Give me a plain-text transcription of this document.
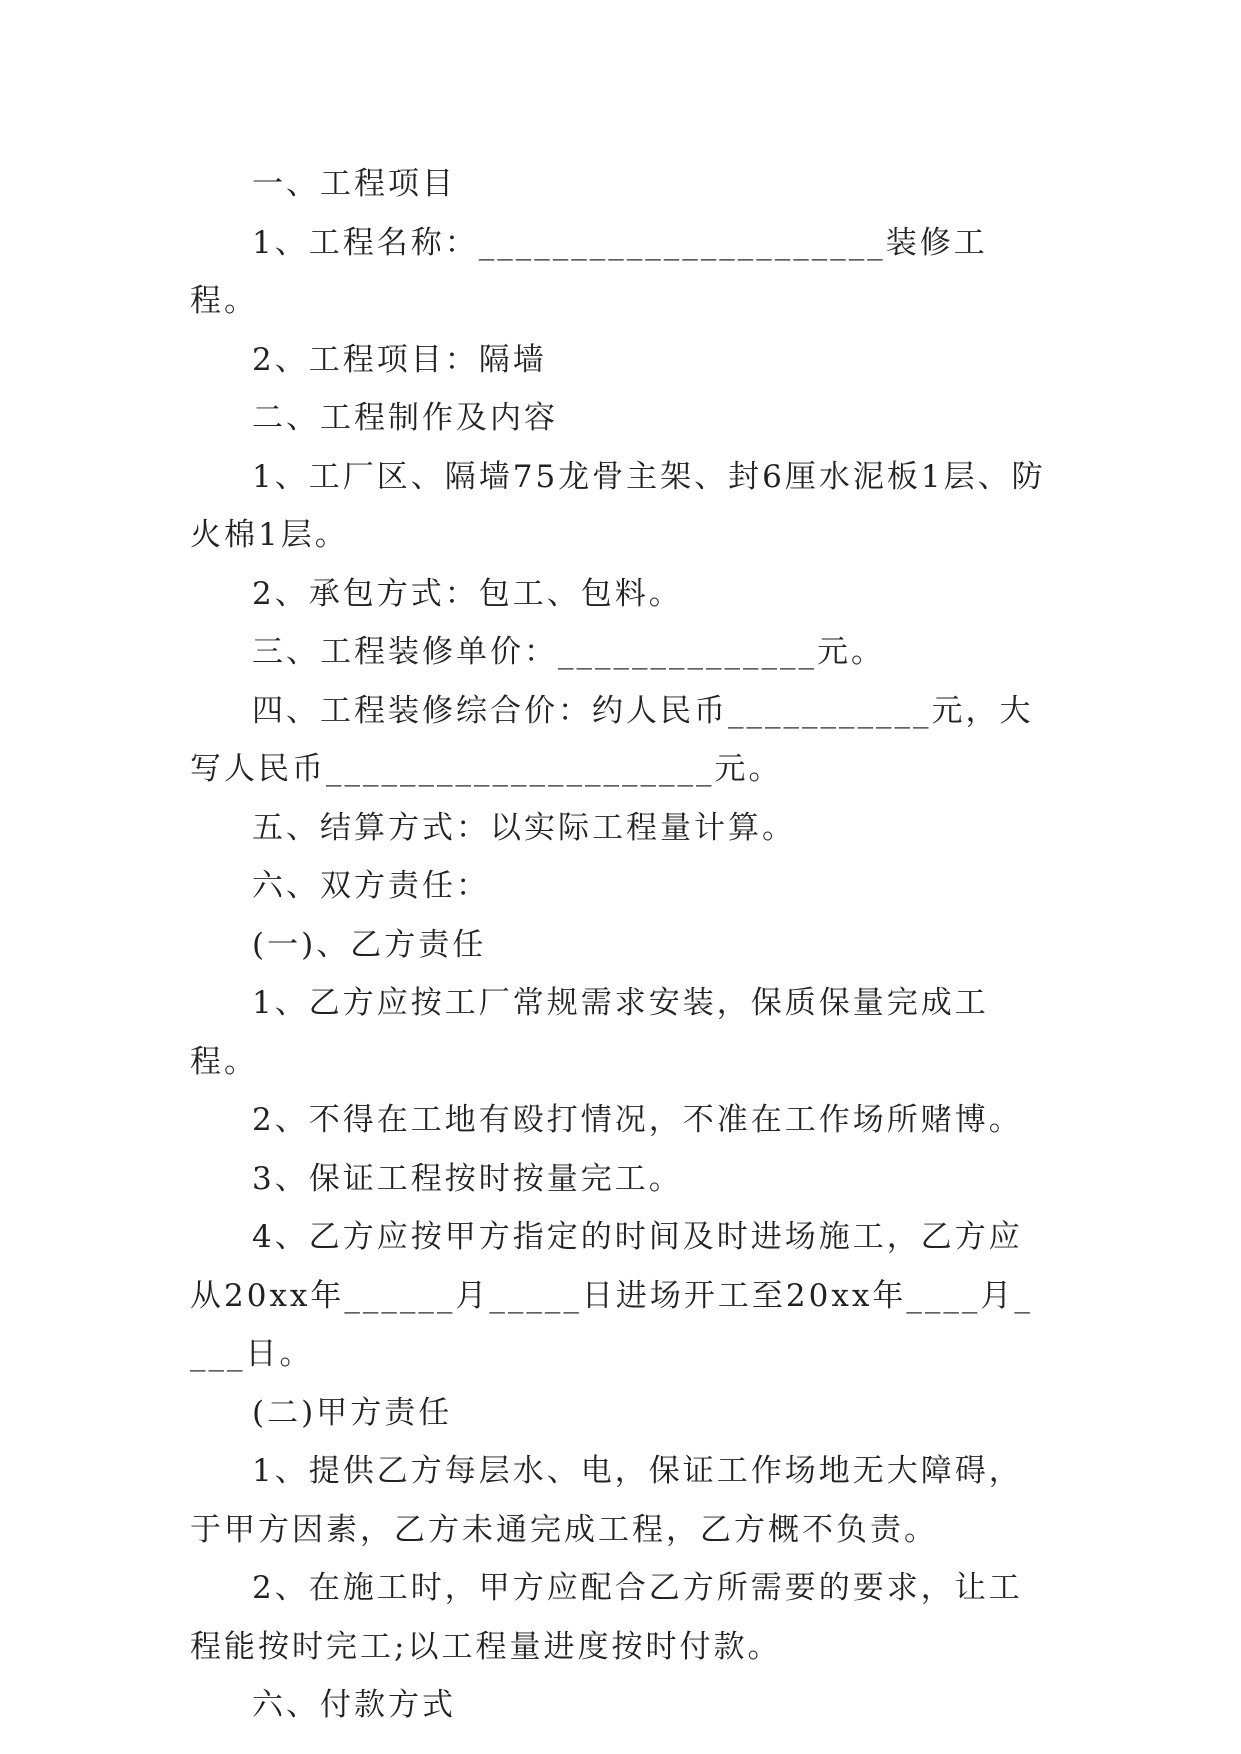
一、工程项目

1、工程名称：______________________装修工程。

2、工程项目：隔墙

二、工程制作及内容

1、工厂区、隔墙75龙骨主架、封6厘水泥板1层、防火棉1层。

2、承包方式：包工、包料。

三、工程装修单价：______________元。

四、工程装修综合价：约人民币___________元，大写人民币_____________________元。

五、结算方式：以实际工程量计算。

六、双方责任：

(一)、乙方责任

1、乙方应按工厂常规需求安装，保质保量完成工程。

2、不得在工地有殴打情况，不准在工作场所赌博。

3、保证工程按时按量完工。

4、乙方应按甲方指定的时间及时进场施工，乙方应从20xx年______月_____日进场开工至20xx年____月____日。

(二)甲方责任

1、提供乙方每层水、电，保证工作场地无大障碍，于甲方因素，乙方未通完成工程，乙方概不负责。

2、在施工时，甲方应配合乙方所需要的要求，让工程能按时完工;以工程量进度按时付款。

六、付款方式
